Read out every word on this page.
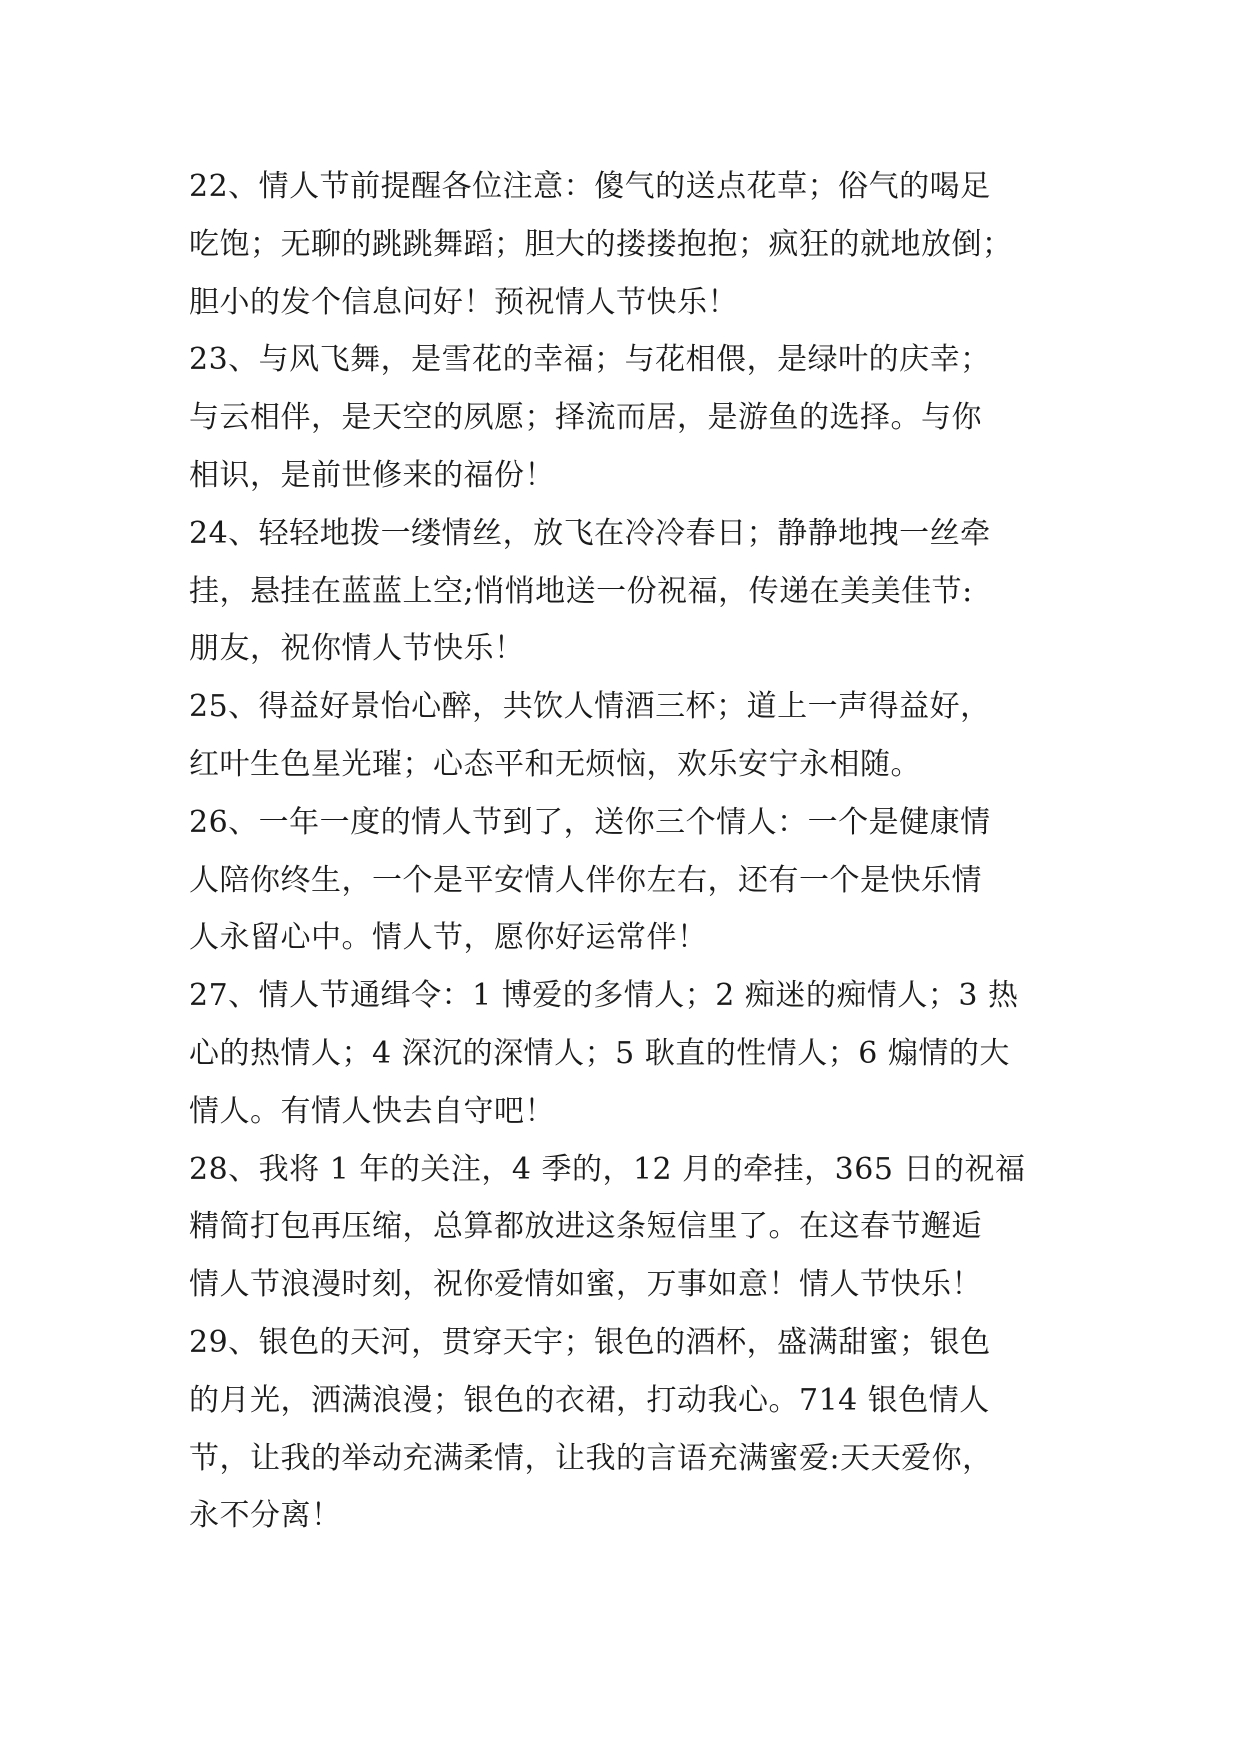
22、情人节前提醒各位注意：傻气的送点花草；俗气的喝足
吃饱；无聊的跳跳舞蹈；胆大的搂搂抱抱；疯狂的就地放倒；
胆小的发个信息问好！预祝情人节快乐！
23、与风飞舞，是雪花的幸福；与花相偎，是绿叶的庆幸；
与云相伴，是天空的夙愿；择流而居，是游鱼的选择。与你
相识，是前世修来的福份！
24、轻轻地拨一缕情丝，放飞在冷冷春日；静静地拽一丝牵
挂，悬挂在蓝蓝上空;悄悄地送一份祝福，传递在美美佳节:
朋友，祝你情人节快乐！
25、得益好景怡心醉，共饮人情酒三杯；道上一声得益好，
红叶生色星光璀；心态平和无烦恼，欢乐安宁永相随。
26、一年一度的情人节到了，送你三个情人：一个是健康情
人陪你终生，一个是平安情人伴你左右，还有一个是快乐情
人永留心中。情人节，愿你好运常伴！
27、情人节通缉令：1 博爱的多情人；2 痴迷的痴情人；3 热
心的热情人；4 深沉的深情人；5 耿直的性情人；6 煽情的大
情人。有情人快去自守吧！
28、我将 1 年的关注，4 季的，12 月的牵挂，365 日的祝福
精简打包再压缩，总算都放进这条短信里了。在这春节邂逅
情人节浪漫时刻，祝你爱情如蜜，万事如意！情人节快乐！
29、银色的天河，贯穿天宇；银色的酒杯，盛满甜蜜；银色
的月光，洒满浪漫；银色的衣裙，打动我心。714 银色情人
节，让我的举动充满柔情，让我的言语充满蜜爱:天天爱你，
永不分离！
